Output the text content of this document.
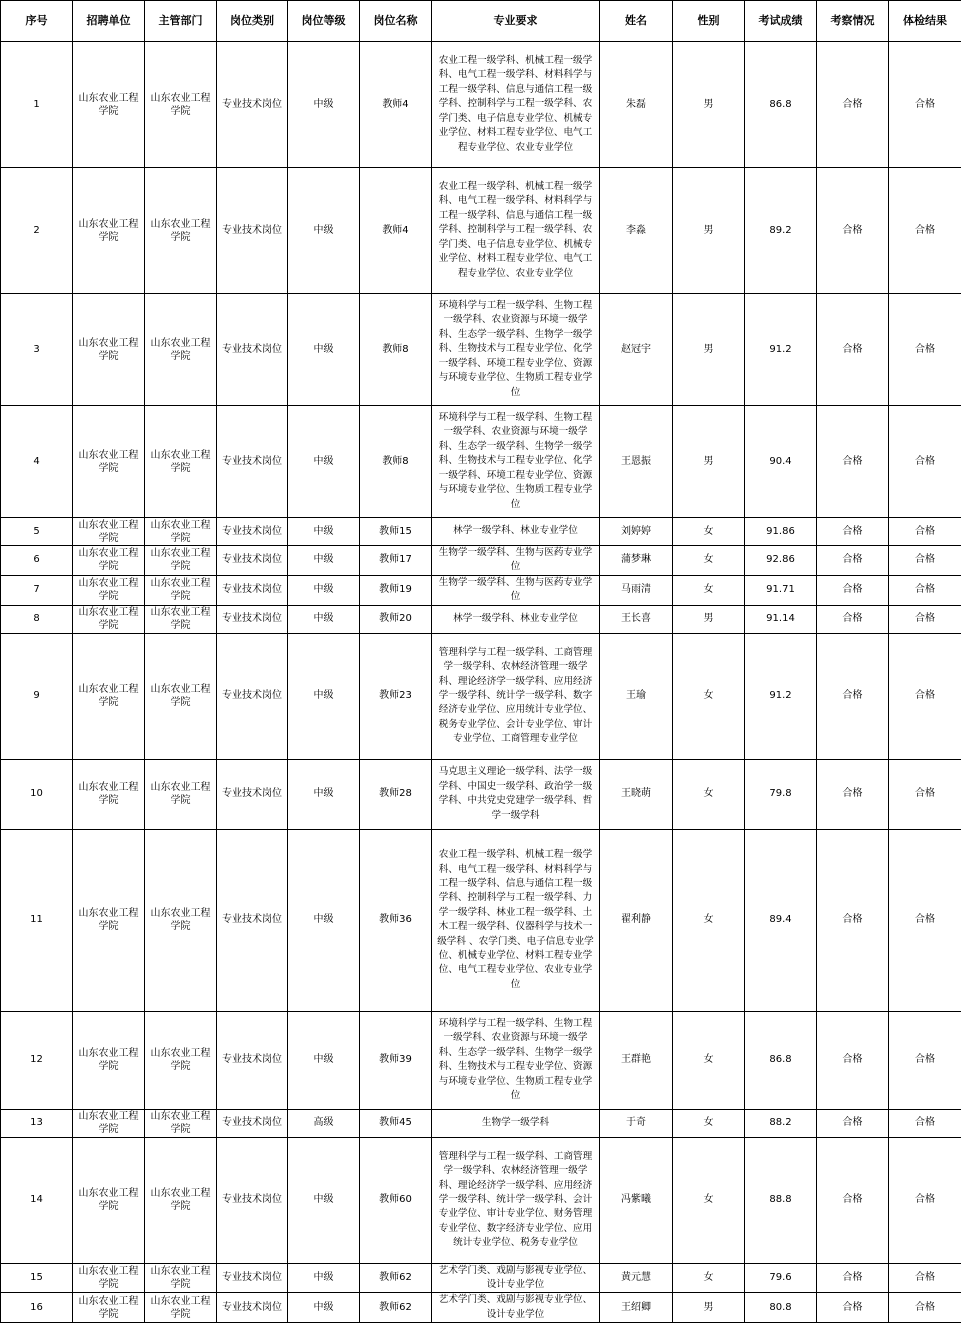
序号	招聘单位	主管部门	岗位类别	岗位等级	岗位名称	专业要求	姓名	性别	考试成绩	考察情况	体检结果
1	山东农业工程学院	山东农业工程学院	专业技术岗位	中级	教师4	农业工程一级学科、机械工程一级学科、电气工程一级学科、材料科学与工程一级学科、信息与通信工程一级学科、控制科学与工程一级学科、农学门类、电子信息专业学位、机械专业学位、材料工程专业学位、电气工程专业学位、农业专业学位	朱磊	男	86.8	合格	合格
2	山东农业工程学院	山东农业工程学院	专业技术岗位	中级	教师4	农业工程一级学科、机械工程一级学科、电气工程一级学科、材料科学与工程一级学科、信息与通信工程一级学科、控制科学与工程一级学科、农学门类、电子信息专业学位、机械专业学位、材料工程专业学位、电气工程专业学位、农业专业学位	李淼	男	89.2	合格	合格
3	山东农业工程学院	山东农业工程学院	专业技术岗位	中级	教师8	环境科学与工程一级学科、生物工程一级学科、农业资源与环境一级学科、生态学一级学科、生物学一级学科、生物技术与工程专业学位、化学一级学科、环境工程专业学位、资源与环境专业学位、生物质工程专业学位	赵冠宇	男	91.2	合格	合格
4	山东农业工程学院	山东农业工程学院	专业技术岗位	中级	教师8	环境科学与工程一级学科、生物工程一级学科、农业资源与环境一级学科、生态学一级学科、生物学一级学科、生物技术与工程专业学位、化学一级学科、环境工程专业学位、资源与环境专业学位、生物质工程专业学位	王恩振	男	90.4	合格	合格
5	山东农业工程学院	山东农业工程学院	专业技术岗位	中级	教师15	林学一级学科、林业专业学位	刘婷婷	女	91.86	合格	合格
6	山东农业工程学院	山东农业工程学院	专业技术岗位	中级	教师17	生物学一级学科、生物与医药专业学位	蒲梦琳	女	92.86	合格	合格
7	山东农业工程学院	山东农业工程学院	专业技术岗位	中级	教师19	生物学一级学科、生物与医药专业学位	马雨清	女	91.71	合格	合格
8	山东农业工程学院	山东农业工程学院	专业技术岗位	中级	教师20	林学一级学科、林业专业学位	王长喜	男	91.14	合格	合格
9	山东农业工程学院	山东农业工程学院	专业技术岗位	中级	教师23	管理科学与工程一级学科、工商管理学一级学科、农林经济管理一级学科、理论经济学一级学科、应用经济学一级学科、统计学一级学科、数字经济专业学位、应用统计专业学位、税务专业学位、会计专业学位、审计专业学位、工商管理专业学位	王瑜	女	91.2	合格	合格
10	山东农业工程学院	山东农业工程学院	专业技术岗位	中级	教师28	马克思主义理论一级学科、法学一级学科、中国史一级学科、政治学一级学科、中共党史党建学一级学科、哲学一级学科	王晓萌	女	79.8	合格	合格
11	山东农业工程学院	山东农业工程学院	专业技术岗位	中级	教师36	农业工程一级学科、机械工程一级学科、电气工程一级学科、材料科学与工程一级学科、信息与通信工程一级学科、控制科学与工程一级学科、力学一级学科、林业工程一级学科、土木工程一级学科、仪器科学与技术一级学科 、农学门类、电子信息专业学位、机械专业学位、材料工程专业学位、电气工程专业学位、农业专业学位	翟利静	女	89.4	合格	合格
12	山东农业工程学院	山东农业工程学院	专业技术岗位	中级	教师39	环境科学与工程一级学科、生物工程一级学科、农业资源与环境一级学科、生态学一级学科、生物学一级学科、生物技术与工程专业学位、资源与环境专业学位、生物质工程专业学位	王群艳	女	86.8	合格	合格
13	山东农业工程学院	山东农业工程学院	专业技术岗位	高级	教师45	生物学一级学科	于奇	女	88.2	合格	合格
14	山东农业工程学院	山东农业工程学院	专业技术岗位	中级	教师60	管理科学与工程一级学科、工商管理学一级学科、农林经济管理一级学科、理论经济学一级学科、应用经济学一级学科、统计学一级学科、会计专业学位、审计专业学位、财务管理专业学位、数字经济专业学位、应用统计专业学位、税务专业学位	冯紫曦	女	88.8	合格	合格
15	山东农业工程学院	山东农业工程学院	专业技术岗位	中级	教师62	艺术学门类、戏剧与影视专业学位、设计专业学位	黄元慧	女	79.6	合格	合格
16	山东农业工程学院	山东农业工程学院	专业技术岗位	中级	教师62	艺术学门类、戏剧与影视专业学位、设计专业学位	王绍卿	男	80.8	合格	合格
